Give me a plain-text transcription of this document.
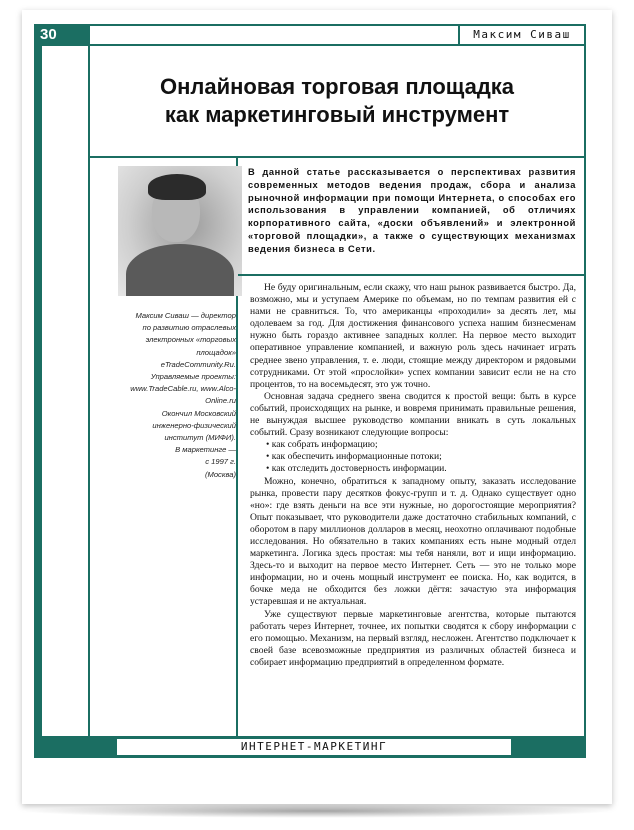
30	Максим Сиваш
Онлайновая торговая площадка
как маркетинговый инструмент
Максим Сиваш — директор
по развитию отраслевых
электронных «торговых
площадок»
eTradeCommunity.Ru.
Управляемые проекты:
www.TradeCable.ru, www.Alco-
Online.ru
Окончил Московский
инженерно-физический
институт (МИФИ).
В маркетинге —
с 1997 г.
(Москва)
В данной статье рассказывается о перспективах развития современных методов ведения продаж, сбора и анализа рыночной информации при помощи Интернета, о способах его использования в управлении компанией, об отличиях корпоративного сайта, «доски объявлений» и электронной «торговой площадки», а также о существующих механизмах ведения бизнеса в Сети.

Не буду оригинальным, если скажу, что наш рынок развивается быстро. Да, возможно, мы и уступаем Америке по объемам, но по темпам развития ей с нами не сравниться. То, что американцы «проходили» за десять лет, мы одолеваем за год. Для достижения финансового успеха нашим бизнесменам нужно быть гораздо активнее западных коллег. На первое место выходит оперативное управление компанией, и важную роль здесь начинает играть среднее звено управления, т. е. люди, стоящие между директором и рядовыми сотрудниками. От этой «прослойки» успех компании зависит если не на сто процентов, то на восемьдесят, это уж точно.

Основная задача среднего звена сводится к простой вещи: быть в курсе событий, происходящих на рынке, и вовремя принимать правильные решения, не вынуждая высшее руководство компании вникать в суть локальных событий. Сразу возникают следующие вопросы:

• как собрать информацию;
• как обеспечить информационные потоки;
• как отследить достоверность информации.

Можно, конечно, обратиться к западному опыту, заказать исследование рынка, провести пару десятков фокус-групп и т. д. Однако существует одно «но»: где взять деньги на все эти нужные, но дорогостоящие мероприятия? Опыт показывает, что руководители даже достаточно стабильных компаний, с оборотом в пару миллионов долларов в месяц, неохотно оплачивают подобные исследования. Но обязательно в таких компаниях есть ныне модный отдел маркетинга. Логика здесь простая: мы тебя наняли, вот и ищи информацию. Здесь-то и выходит на первое место Интернет. Сеть — это не только море информации, но и очень мощный инструмент ее поиска. Но, как водится, в бочке меда не обходится без ложки дёгтя: зачастую эта информация устаревшая и не актуальная.

Уже существуют первые маркетинговые агентства, которые пытаются работать через Интернет, точнее, их попытки сводятся к сбору информации с его помощью. Механизм, на первый взгляд, несложен. Агентство подключает к своей базе всевозможные предприятия из различных областей бизнеса и собирает информацию предприятий в определенном формате.

ИНТЕРНЕТ-МАРКЕТИНГ
